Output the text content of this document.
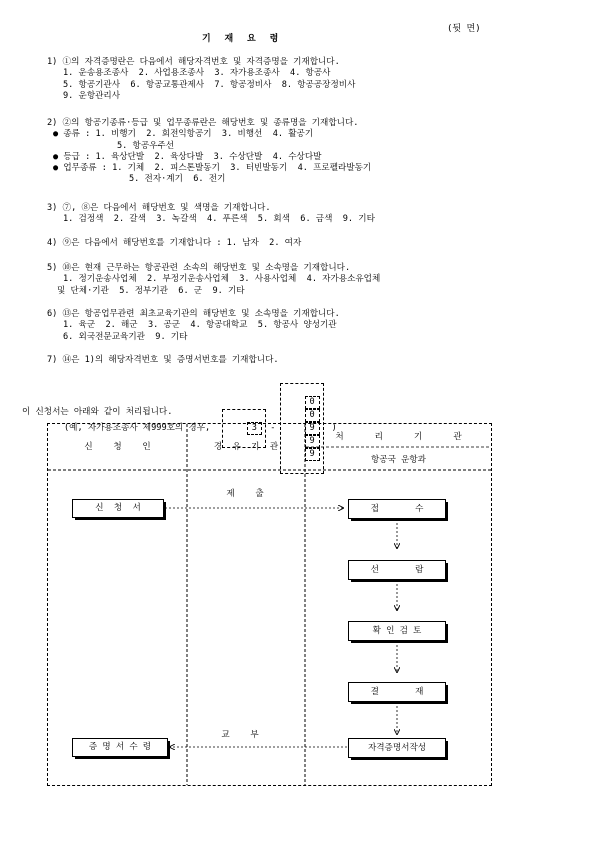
기  재  요  령
(뒷 면)
1) ①의 자격증명란은 다음에서 해당자격번호 및 자격증명을 기재합니다.
1. 운송용조종사  2. 사업용조종사  3. 자가용조종사  4. 항공사
5. 항공기관사  6. 항공교통관제사  7. 항공정비사  8. 항공공장정비사
9. 운항관리사
2) ②의 항공기종류·등급 및 업무종류란은 해당번호 및 종류명을 기재합니다.
● 종류 : 1. 비행기  2. 회전익항공기  3. 비행선  4. 활공기
5. 항공우주선
● 등급 : 1. 육상단발  2. 육상다발  3. 수상단발  4. 수상다발
● 업무종류 : 1. 기체  2. 피스톤발동기  3. 터빈발동기  4. 프로펠라발동기
5. 전자·계기  6. 전기
3) ⑦, ⑧은 다음에서 해당번호 및 색명을 기재합니다.
1. 검정색  2. 갈색  3. 녹갈색  4. 푸른색  5. 회색  6. 금색  9. 기타
4) ⑨은 다음에서 해당번호를 기재합니다 : 1. 남자  2. 여자
5) ⑩은 현재 근무하는 항공관련 소속의 해당번호 및 소속명을 기재합니다.
1. 정기운송사업체  2. 부정기운송사업체  3. 사용사업체  4. 자가용소유업체
및 단체·기관  5. 정부기관  6. 군  9. 기타
6) ⑬은 항공업무관련 최초교육기관의 해당번호 및 소속명을 기재합니다.
1. 육군  2. 해군  3. 공군  4. 항공대학교  5. 항공사 양성기관
6. 외국전문교육기관  9. 기타
7) ⑭은 1)의 해당자격번호 및 증명서번호를 기재합니다.
(예, 자가용조종사 제999호의 경우,	3
	-

0
0
9
9
9

)
이 신청서는 아래와 같이 처리됩니다.
신    청    인	경  유  기  관
처      리      기      관
항공국 운항과
제    출
교    부
신  청  서
증 명 서 수 령
접       수
선       람
확 인 검 토
결       재
자격증명서작성
